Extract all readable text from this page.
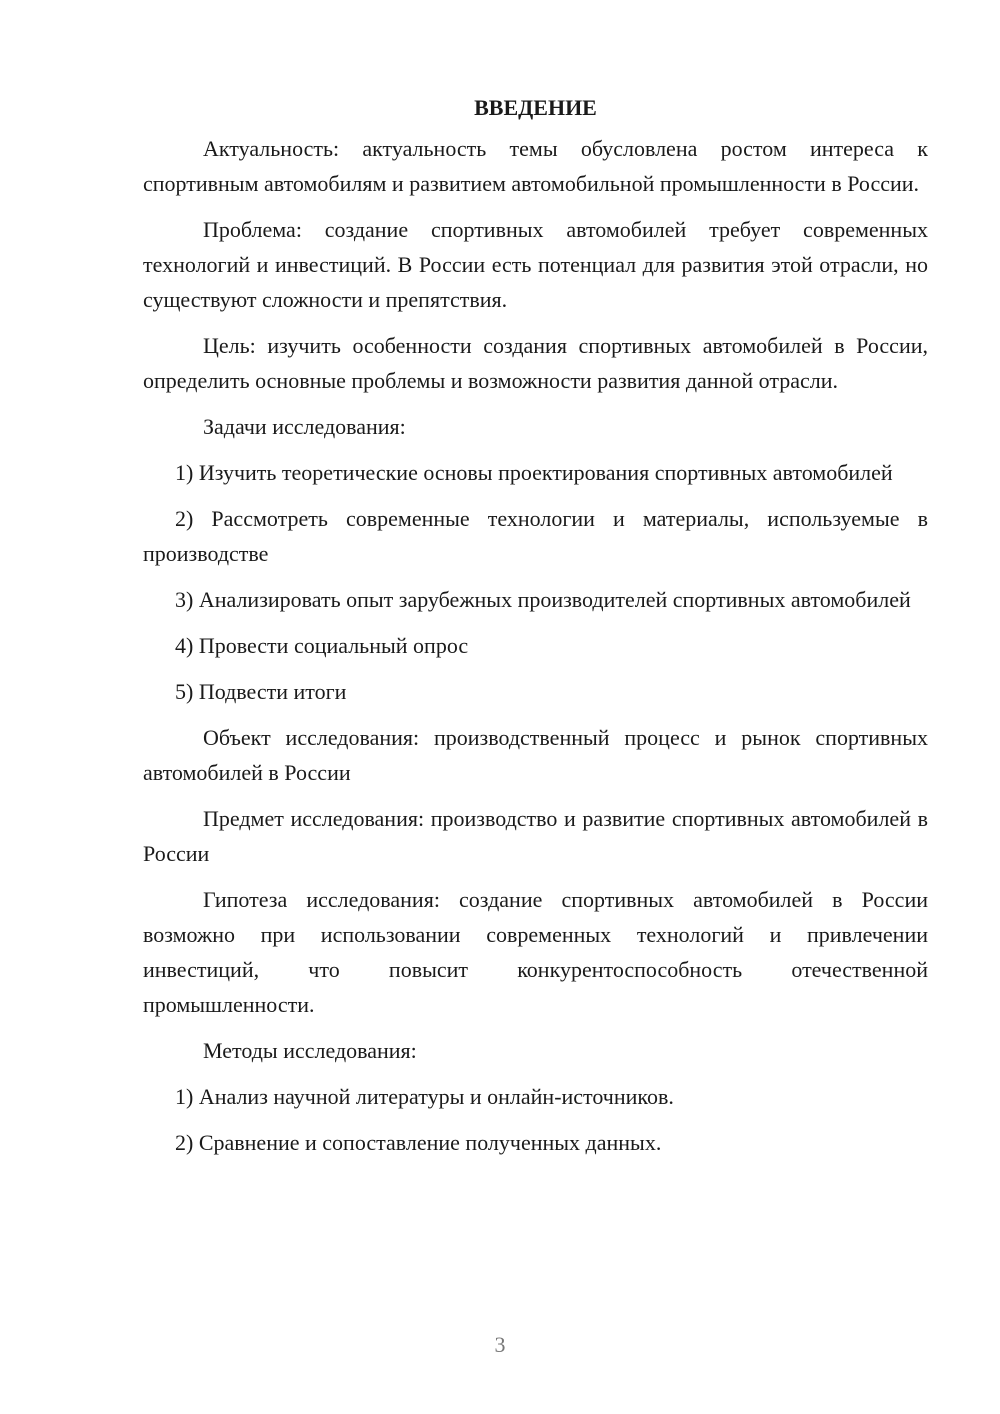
ВВЕДЕНИЕ

Актуальность: актуальность темы обусловлена ростом интереса к спортивным автомобилям и развитием автомобильной промышленности в России.

Проблема: создание спортивных автомобилей требует современных технологий и инвестиций. В России есть потенциал для развития этой отрасли, но существуют сложности и препятствия.

Цель: изучить особенности создания спортивных автомобилей в России, определить основные проблемы и возможности развития данной отрасли.

Задачи исследования:

1) Изучить теоретические основы проектирования спортивных автомобилей

2) Рассмотреть современные технологии и материалы, используемые в производстве

3) Анализировать опыт зарубежных производителей спортивных автомобилей

4) Провести социальный опрос

5) Подвести итоги

Объект исследования: производственный процесс и рынок спортивных автомобилей в России

Предмет исследования: производство и развитие спортивных автомобилей в России

Гипотеза исследования: создание спортивных автомобилей в России возможно при использовании современных технологий и привлечении инвестиций, что повысит конкурентоспособность отечественной промышленности.

Методы исследования:

1) Анализ научной литературы и онлайн-источников.

2) Сравнение и сопоставление полученных данных.

3
